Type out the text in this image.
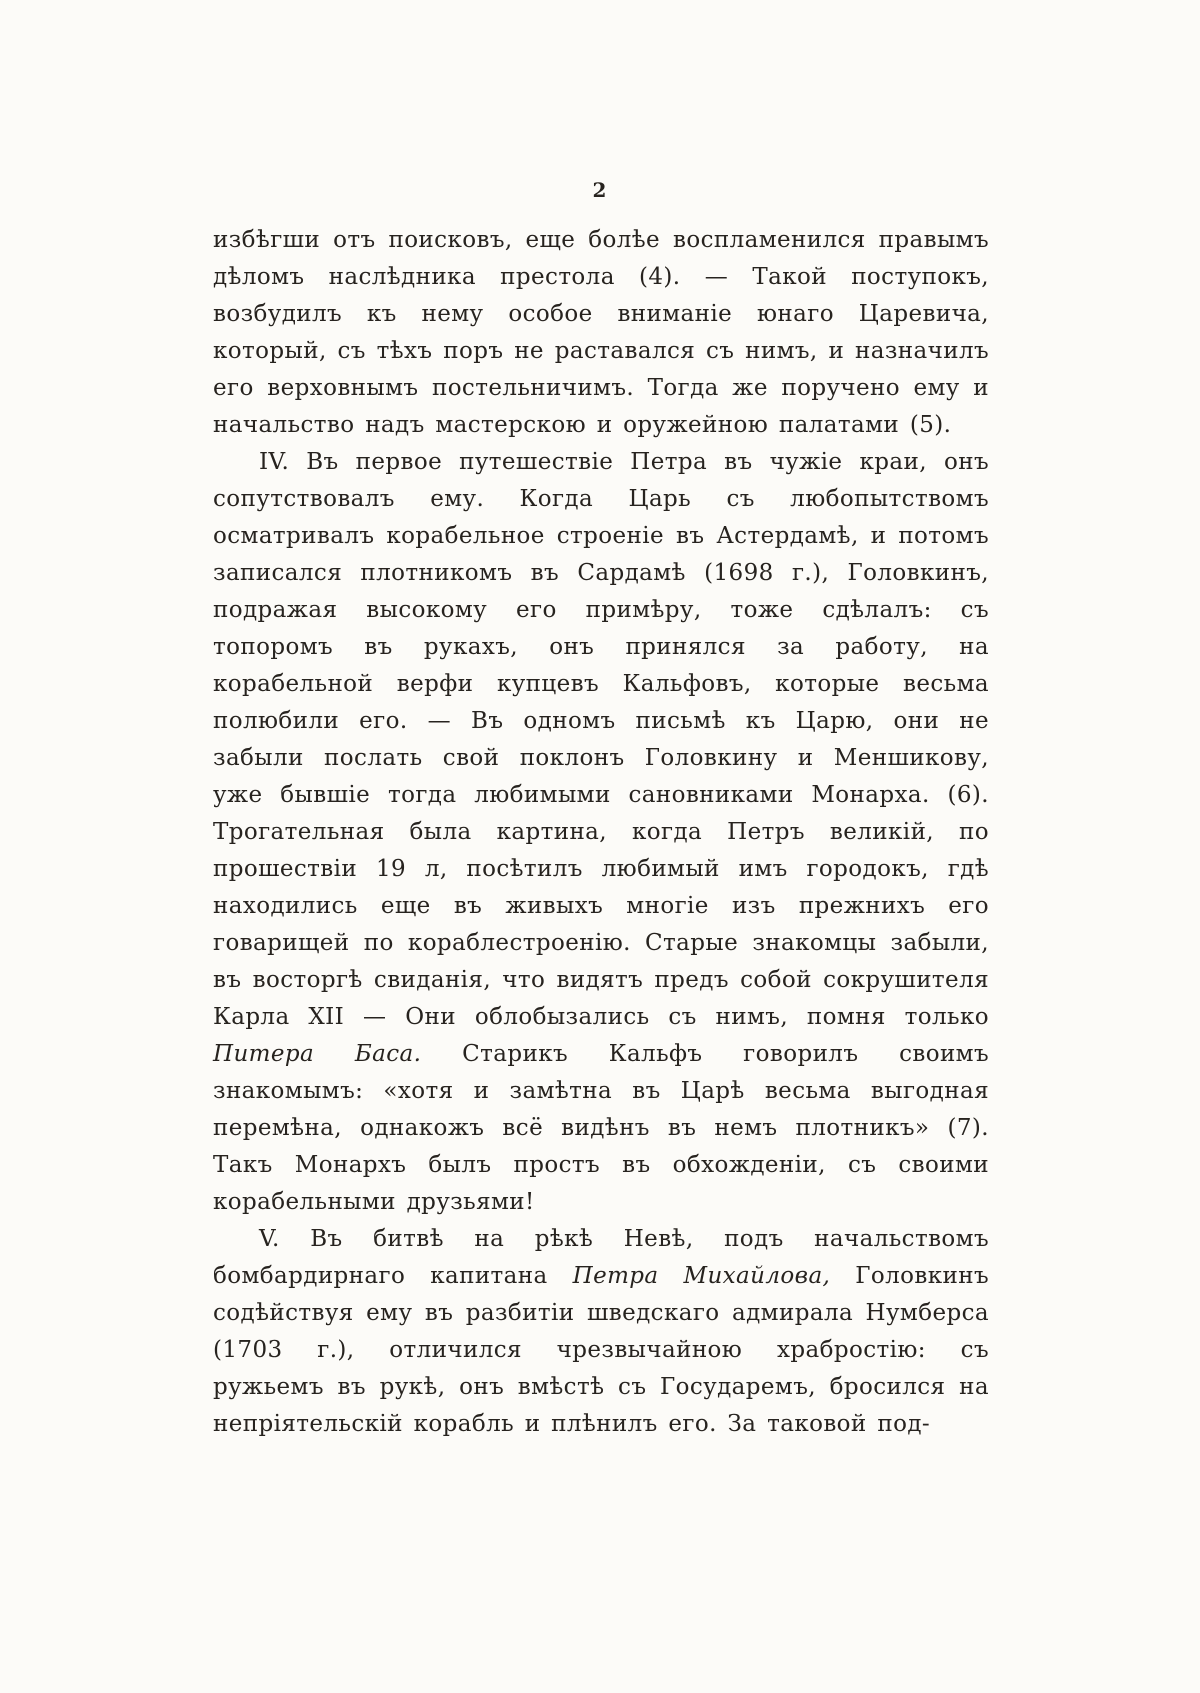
2

избѣгши отъ поисковъ, еще болѣе воспламенился правымъ дѣломъ наслѣдника престола (4). — Такой поступокъ, возбудилъ къ нему особое вниманіе юнаго Царевича, который, съ тѣхъ поръ не раставался съ нимъ, и назначилъ его верховнымъ постельничимъ. Тогда же поручено ему и начальство надъ мастерскою и оружейною палатами (5).

IV. Въ первое путешествіе Петра въ чужіе краи, онъ сопутствовалъ ему. Когда Царь съ любопытствомъ осматривалъ корабельное строеніе въ Астердамѣ, и потомъ записался плотникомъ въ Сардамѣ (1698 г.), Головкинъ, подражая высокому его примѣру, тоже сдѣлалъ: съ топоромъ въ рукахъ, онъ принялся за работу, на корабельной верфи купцевъ Кальфовъ, которые весьма полюбили его. — Въ одномъ письмѣ къ Царю, они не забыли послать свой поклонъ Головкину и Меншикову, уже бывшіе тогда любимыми сановниками Монарха. (6). Трогательная была картина, когда Петръ великій, по прошествіи 19 л, посѣтилъ любимый имъ городокъ, гдѣ находились еще въ живыхъ многіе изъ прежнихъ его говарищей по кораблестроенію. Старые знакомцы забыли, въ восторгѣ свиданія, что видятъ предъ собой сокрушителя Карла XII — Они облобызались съ нимъ, помня только Питера Баса. Старикъ Кальфъ говорилъ своимъ знакомымъ: «хотя и замѣтна въ Царѣ весьма выгодная перемѣна, однакожъ всё видѣнъ въ немъ плотникъ» (7). Такъ Монархъ былъ простъ въ обхожденіи, съ своими корабельными друзьями!

V. Въ битвѣ на рѣкѣ Невѣ, подъ начальствомъ бомбардирнаго капитана Петра Михайлова, Головкинъ содѣйствуя ему въ разбитіи шведскаго адмирала Нумберса (1703 г.), отличился чрезвычайною храбростію: съ ружьемъ въ рукѣ, онъ вмѣстѣ съ Государемъ, бросился на непріятельскій корабль и плѣнилъ его. За таковой под-
